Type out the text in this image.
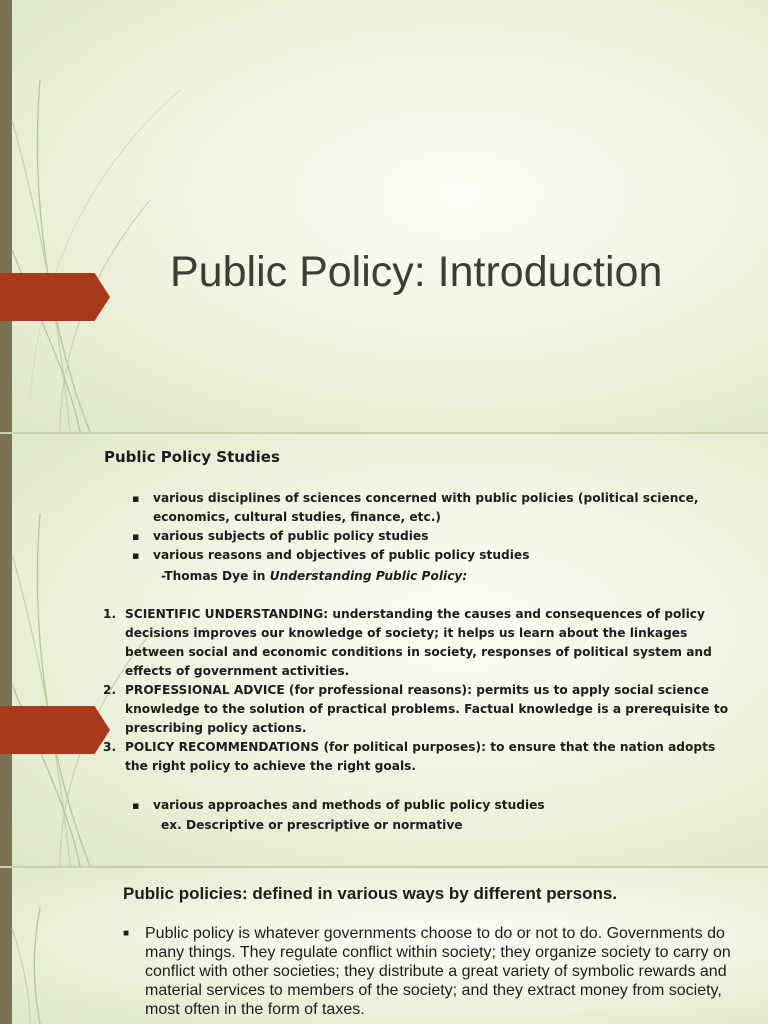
Public Policy: Introduction
Public Policy Studies
▪ various disciplines of sciences concerned with public policies (political science, economics, cultural studies, finance, etc.)
▪ various subjects of public policy studies
▪ various reasons and objectives of public policy studies
-Thomas Dye in Understanding Public Policy:
1. SCIENTIFIC UNDERSTANDING: understanding the causes and consequences of policy decisions improves our knowledge of society; it helps us learn about the linkages between social and economic conditions in society, responses of political system and effects of government activities.
2. PROFESSIONAL ADVICE (for professional reasons): permits us to apply social science knowledge to the solution of practical problems. Factual knowledge is a prerequisite to prescribing policy actions.
3. POLICY RECOMMENDATIONS (for political purposes): to ensure that the nation adopts the right policy to achieve the right goals.
▪ various approaches and methods of public policy studies
ex. Descriptive or prescriptive or normative
Public policies: defined in various ways by different persons.
■ Public policy is whatever governments choose to do or not to do. Governments do many things. They regulate conflict within society; they organize society to carry on conflict with other societies; they distribute a great variety of symbolic rewards and material services to members of the society; and they extract money from society, most often in the form of taxes.
